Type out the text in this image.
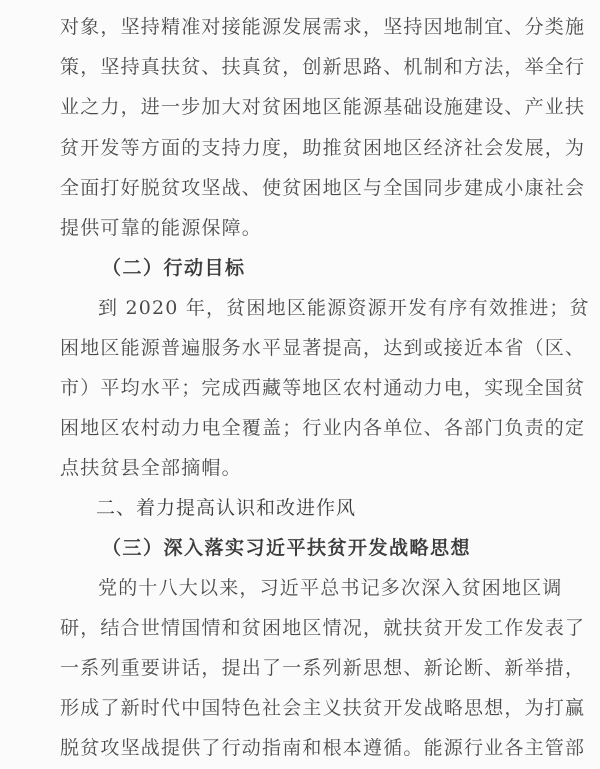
对象，坚持精准对接能源发展需求，坚持因地制宜、分类施
策，坚持真扶贫、扶真贫，创新思路、机制和方法，举全行
业之力，进一步加大对贫困地区能源基础设施建设、产业扶
贫开发等方面的支持力度，助推贫困地区经济社会发展，为
全面打好脱贫攻坚战、使贫困地区与全国同步建成小康社会
提供可靠的能源保障。
（二）行动目标
到 2020 年，贫困地区能源资源开发有序有效推进；贫
困地区能源普遍服务水平显著提高，达到或接近本省（区、
市）平均水平；完成西藏等地区农村通动力电，实现全国贫
困地区农村动力电全覆盖；行业内各单位、各部门负责的定
点扶贫县全部摘帽。
二、着力提高认识和改进作风
（三）深入落实习近平扶贫开发战略思想
党的十八大以来，习近平总书记多次深入贫困地区调
研，结合世情国情和贫困地区情况，就扶贫开发工作发表了
一系列重要讲话，提出了一系列新思想、新论断、新举措，
形成了新时代中国特色社会主义扶贫开发战略思想，为打赢
脱贫攻坚战提供了行动指南和根本遵循。能源行业各主管部
